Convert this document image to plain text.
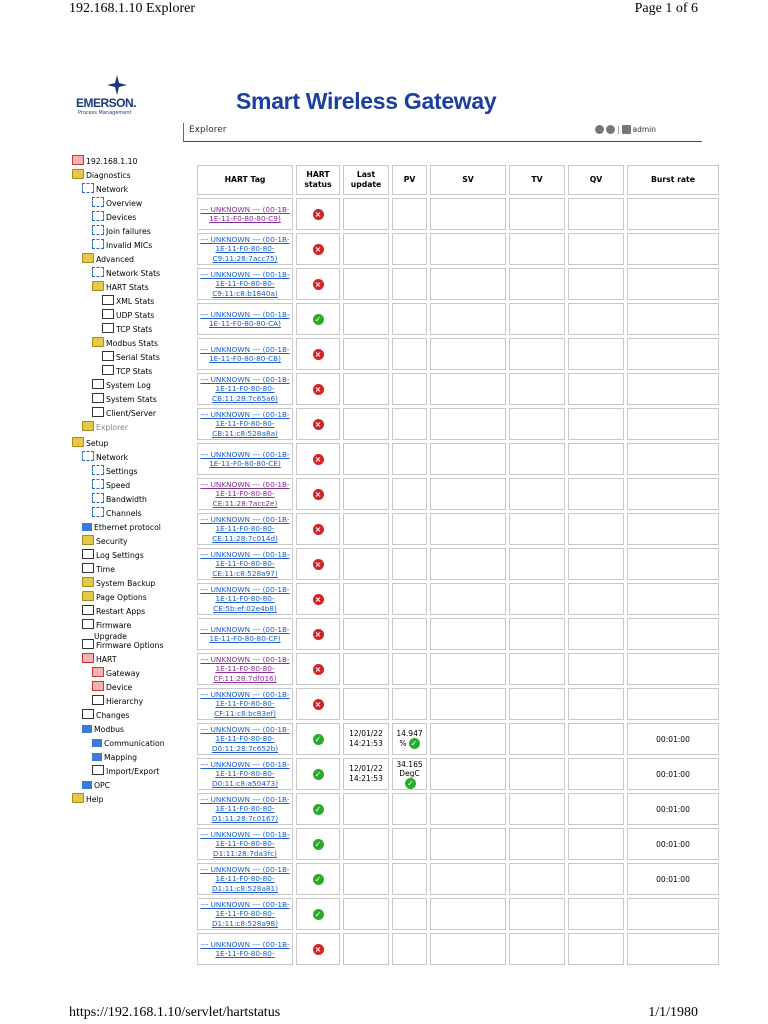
192.168.1.10 Explorer	Page 1 of 6
EMERSON.
Process Management	Smart Wireless Gateway
Explorer	| admin
192.168.1.10
Diagnostics
Network
Overview
Devices
Join failures
Invalid MICs
Advanced
Network Stats
HART Stats
XML Stats
UDP Stats
TCP Stats
Modbus Stats
Serial Stats
TCP Stats
System Log
System Stats
Client/Server
Explorer
Setup
Network
Settings
Speed
Bandwidth
Channels
Ethernet protocol
Security
Log Settings
Time
System Backup
Page Options
Restart Apps
Firmware
Upgrade
Firmware Options
HART
Gateway
Device
Hierarchy
Changes
Modbus
Communication
Mapping
Import/Export
OPC
Help
HART Tag	HART status	Last update	PV	SV	TV	QV	Burst rate
--- UNKNOWN --- (00-1B-1E-11-F0-80-80-C9)	×						
--- UNKNOWN --- (00-1B-1E-11-F0-80-80-C9:11:28:7acc75)	×						
--- UNKNOWN --- (00-1B-1E-11-F0-80-80-C9:11:c8:b1840a)	×						
--- UNKNOWN --- (00-1B-1E-11-F0-80-80-CA)	✓						
--- UNKNOWN --- (00-1B-1E-11-F0-80-80-CB)	×						
--- UNKNOWN --- (00-1B-1E-11-F0-80-80-CB:11:28:7c65a6)	×						
--- UNKNOWN --- (00-1B-1E-11-F0-80-80-CB:11:c8:528a8a)	×						
--- UNKNOWN --- (00-1B-1E-11-F0-80-80-CE)	×						
--- UNKNOWN --- (00-1B-1E-11-F0-80-80-CE:11:28:7acc2e)	×						
--- UNKNOWN --- (00-1B-1E-11-F0-80-80-CE:11:28:7c014d)	×						
--- UNKNOWN --- (00-1B-1E-11-F0-80-80-CE:11:c8:528a97)	×						
--- UNKNOWN --- (00-1B-1E-11-F0-80-80-CE:5b:ef:02e4b8)	×						
--- UNKNOWN --- (00-1B-1E-11-F0-80-80-CF)	×						
--- UNKNOWN --- (00-1B-1E-11-F0-80-80-CF:11:28:7df016)	×						
--- UNKNOWN --- (00-1B-1E-11-F0-80-80-CF:11:c8:bc83ef)	×						
--- UNKNOWN --- (00-1B-1E-11-F0-80-80-D0:11:28:7c652b)	✓	12/01/22 14:21:53	14.947 % ✓				00:01:00
--- UNKNOWN --- (00-1B-1E-11-F0-80-80-D0:11:c8:a50473)	✓	12/01/22 14:21:53	34.165 DegC✓				00:01:00
--- UNKNOWN --- (00-1B-1E-11-F0-80-80-D1:11:28:7c0167)	✓						00:01:00
--- UNKNOWN --- (00-1B-1E-11-F0-80-80-D1:11:28:7da3fc)	✓						00:01:00
--- UNKNOWN --- (00-1B-1E-11-F0-80-80-D1:11:c8:528a81)	✓						00:01:00
--- UNKNOWN --- (00-1B-1E-11-F0-80-80-D1:11:c8:528a98)	✓						
--- UNKNOWN --- (00-1B-1E-11-F0-80-80-	×						
https://192.168.1.10/servlet/hartstatus	1/1/1980
